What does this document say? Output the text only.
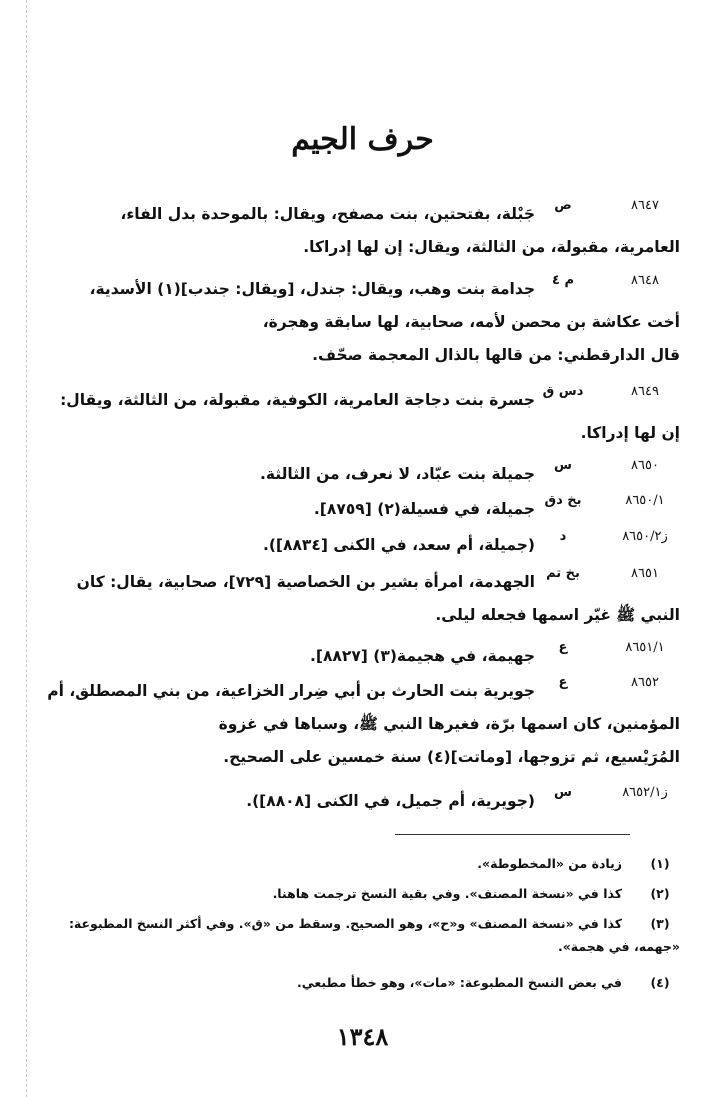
حرف الجيم
٨٦٤٧
ص
جَبْلة، بفتحتين، بنت مصفح، ويقال: بالموحدة بدل الفاء،
العامرية، مقبولة، من الثالثة، ويقال: إن لها إدراكا.
٨٦٤٨
م ٤
جدامة بنت وهب، ويقال: جندل، [ويقال: جندب](١) الأسدية،
أخت عكاشة بن محصن لأمه، صحابية، لها سابقة وهجرة،
قال الدارقطني: من قالها بالذال المعجمة صحّف.
٨٦٤٩
دس ق
جسرة بنت دجاجة العامرية، الكوفية، مقبولة، من الثالثة، ويقال:
إن لها إدراكا.
٨٦٥٠
س
جميلة بنت عبّاد، لا نعرف، من الثالثة.
٨٦٥٠/١
بخ دق
جميلة، في فسيلة(٢) [٨٧٥٩].
ز٨٦٥٠/٢
د
(جميلة، أم سعد، في الكنى [٨٨٣٤]).
٨٦٥١
بخ تم
الجهدمة، امرأة بشير بن الخصاصية [٧٢٩]، صحابية، يقال: كان
النبي ﷺ غيّر اسمها فجعله ليلى.
٨٦٥١/١
ع
جهيمة، في هجيمة(٣) [٨٨٢٧].
٨٦٥٢
ع
جويرية بنت الحارث بن أبي ضِرار الخزاعية، من بني المصطلق، أم
المؤمنين، كان اسمها برّة، فغيرها النبي ﷺ، وسباها في غزوة
المُرَيْسيع، ثم تزوجها، [وماتت](٤) سنة خمسين على الصحيح.
ز٨٦٥٢/١
س
(جويرية، أم جميل، في الكنى [٨٨٠٨]).
(١)
زيادة من «المخطوطة».
(٢)
كذا في «نسخة المصنف». وفي بقية النسخ ترجمت هاهنا.
(٣)
كذا في «نسخة المصنف» و«ح»، وهو الصحيح. وسقط من «ق». وفي أكثر النسخ المطبوعة:
«جهمه، في هجمة».
(٤)
في بعض النسخ المطبوعة: «مات»، وهو خطأ مطبعي.
١٣٤٨
